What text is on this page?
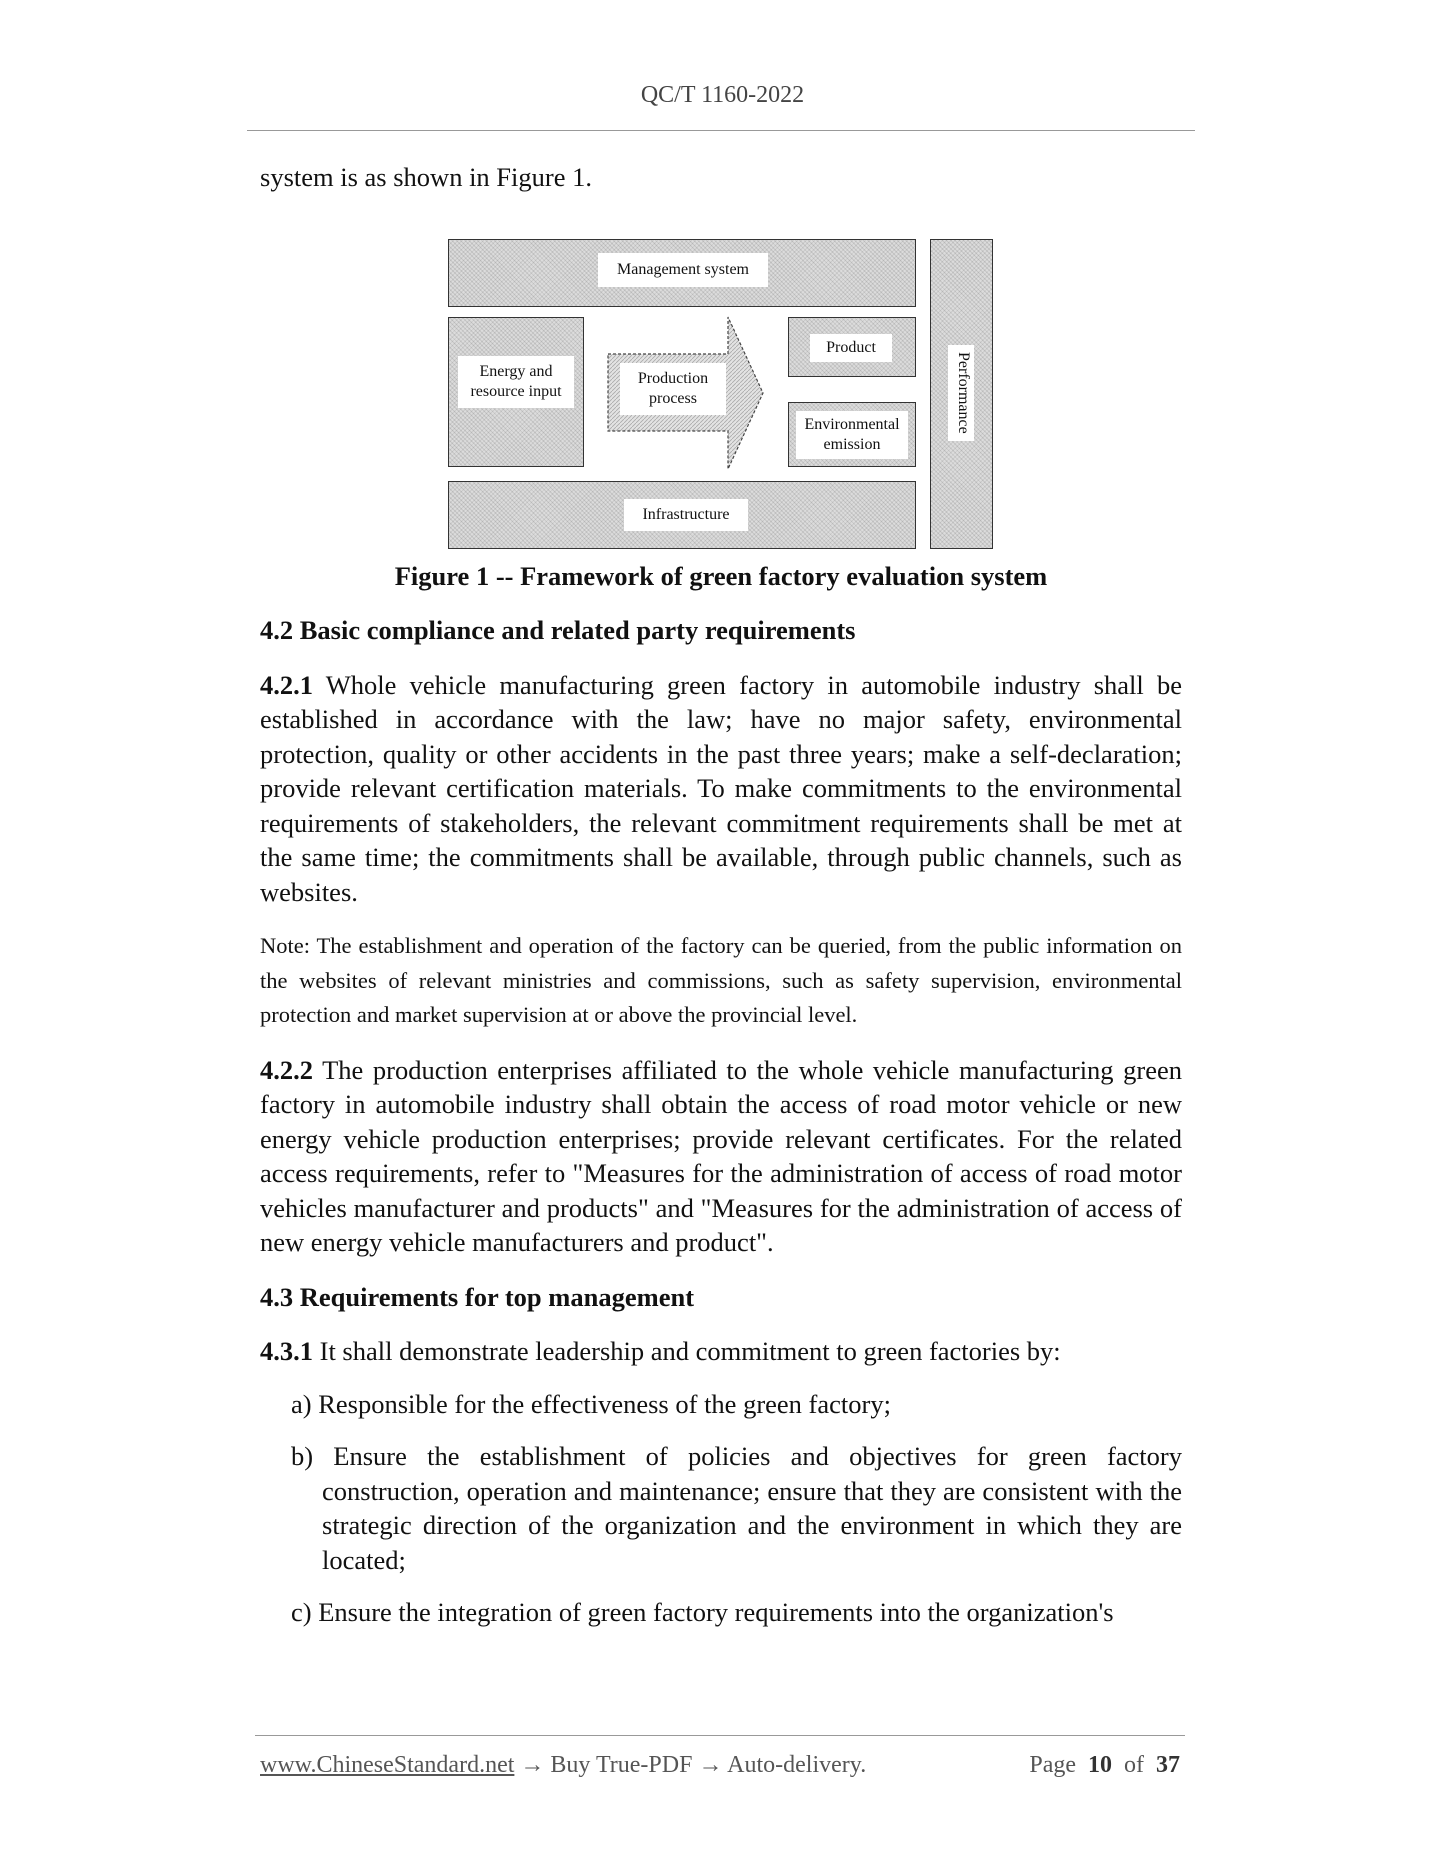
QC/T 1160-2022

system is as shown in Figure 1.

Management system
Energy and resource input
Production process
Product
Environmental emission
Infrastructure
Performance

Figure 1 -- Framework of green factory evaluation system

4.2 Basic compliance and related party requirements

4.2.1 Whole vehicle manufacturing green factory in automobile industry shall be established in accordance with the law; have no major safety, environmental protection, quality or other accidents in the past three years; make a self-declaration; provide relevant certification materials. To make commitments to the environmental requirements of stakeholders, the relevant commitment requirements shall be met at the same time; the commitments shall be available, through public channels, such as websites.

Note: The establishment and operation of the factory can be queried, from the public information on the websites of relevant ministries and commissions, such as safety supervision, environmental protection and market supervision at or above the provincial level.

4.2.2 The production enterprises affiliated to the whole vehicle manufacturing green factory in automobile industry shall obtain the access of road motor vehicle or new energy vehicle production enterprises; provide relevant certificates. For the related access requirements, refer to "Measures for the administration of access of road motor vehicles manufacturer and products" and "Measures for the administration of access of new energy vehicle manufacturers and product".

4.3 Requirements for top management

4.3.1 It shall demonstrate leadership and commitment to green factories by:

a) Responsible for the effectiveness of the green factory;

b) Ensure the establishment of policies and objectives for green factory construction, operation and maintenance; ensure that they are consistent with the strategic direction of the organization and the environment in which they are located;

c) Ensure the integration of green factory requirements into the organization's

www.ChineseStandard.net → Buy True-PDF → Auto-delivery.	Page 10 of 37
